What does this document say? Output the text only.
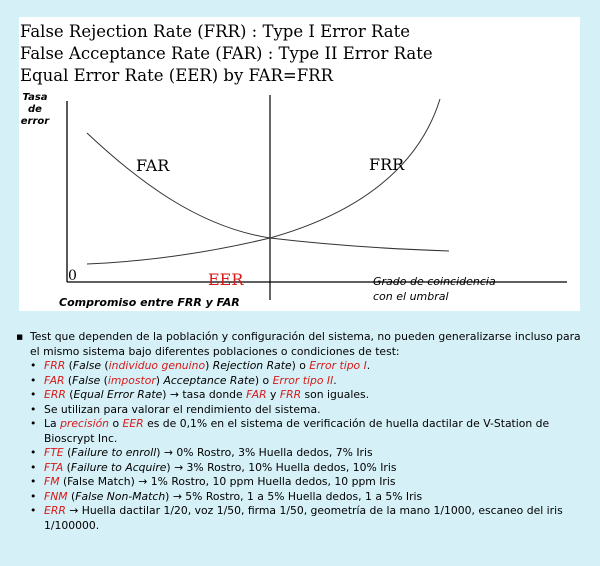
False Rejection Rate (FRR) : Type I Error Rate
False Acceptance Rate (FAR) : Type II Error Rate
Equal Error Rate (EER) by FAR=FRR
Tasa
de
error
FAR	FRR
0	EER	Grado de coincidencia
con el umbral
Compromiso entre FRR y FAR
▪ Test que dependen de la población y configuración del sistema, no pueden generalizarse incluso para el mismo sistema bajo diferentes poblaciones o condiciones de test:
• FRR (False (individuo genuino) Rejection Rate) o Error tipo I.
• FAR (False (impostor) Acceptance Rate) o Error tipo II.
• ERR (Equal Error Rate) → tasa donde FAR y FRR son iguales.
• Se utilizan para valorar el rendimiento del sistema.
• La precisión o EER es de 0,1% en el sistema de verificación de huella dactilar de V-Station de Bioscrypt Inc.
• FTE (Failure to enroll) → 0% Rostro, 3% Huella dedos, 7% Iris
• FTA (Failure to Acquire) → 3% Rostro, 10% Huella dedos, 10% Iris
• FM (False Match) → 1% Rostro, 10 ppm Huella dedos, 10 ppm Iris
• FNM (False Non-Match) → 5% Rostro, 1 a 5% Huella dedos, 1 a 5% Iris
• ERR → Huella dactilar 1/20, voz 1/50, firma 1/50, geometría de la mano 1/1000, escaneo del iris 1/100000.
